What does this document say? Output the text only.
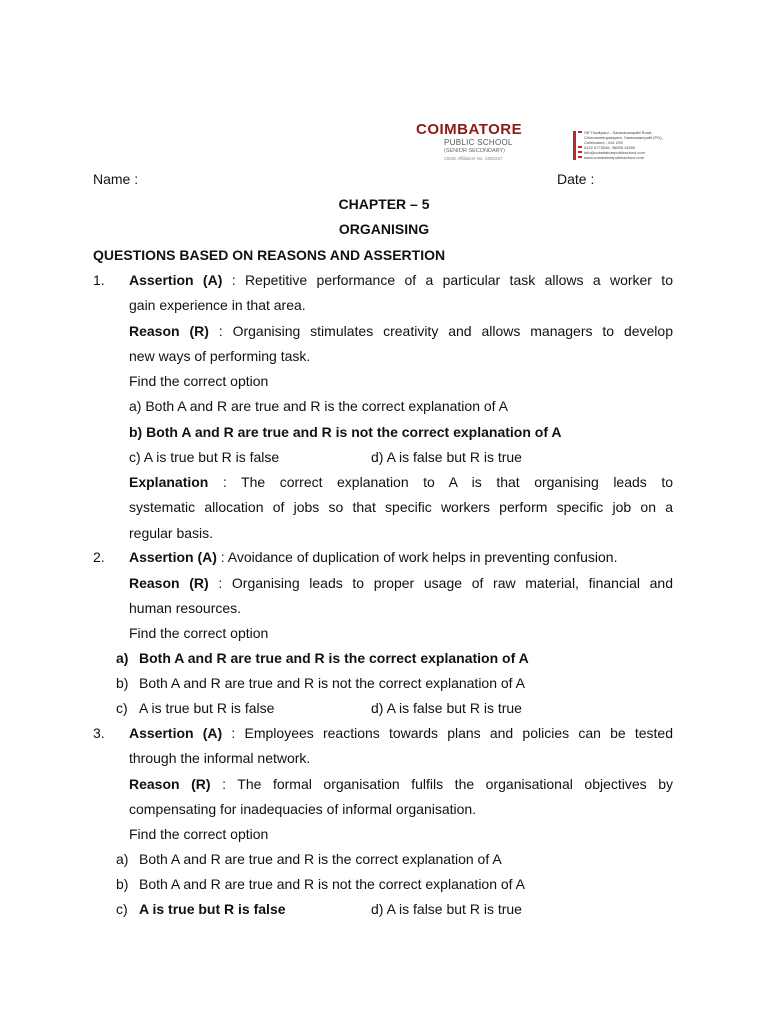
COIMBATORE
PUBLIC SCHOOL
(SENIOR SECONDARY)
CBSE Affiliation No. 1930237
Off Thudiyalur - Saravanampatti Road,
Chinnamettupalayam, Saravanampatti (PO),
Coimbatore - 641 035
0422 6773046, 98655 14590
info@coimbatorepublicschool.com
www.coimbatorepublicschool.com
Name :	Date :
CHAPTER – 5
ORGANISING
QUESTIONS BASED ON REASONS AND ASSERTION
1. Assertion (A) : Repetitive performance of a particular task allows a worker to
gain experience in that area.
Reason (R) : Organising stimulates creativity and allows managers to develop
new ways of performing task.
Find the correct option
a) Both A and R are true and R is the correct explanation of A
b) Both A and R are true and R is not the correct explanation of A
c) A is true but R is false	d) A is false but R is true
Explanation : The correct explanation to A is that organising leads to
systematic allocation of jobs so that specific workers perform specific job on a
regular basis.
2. Assertion (A) : Avoidance of duplication of work helps in preventing confusion.
Reason (R) : Organising leads to proper usage of raw material, financial and
human resources.
Find the correct option
a) Both A and R are true and R is the correct explanation of A
b) Both A and R are true and R is not the correct explanation of A
c) A is true but R is false	d) A is false but R is true
3. Assertion (A) : Employees reactions towards plans and policies can be tested
through the informal network.
Reason (R) : The formal organisation fulfils the organisational objectives by
compensating for inadequacies of informal organisation.
Find the correct option
a) Both A and R are true and R is the correct explanation of A
b) Both A and R are true and R is not the correct explanation of A
c) A is true but R is false	d) A is false but R is true
